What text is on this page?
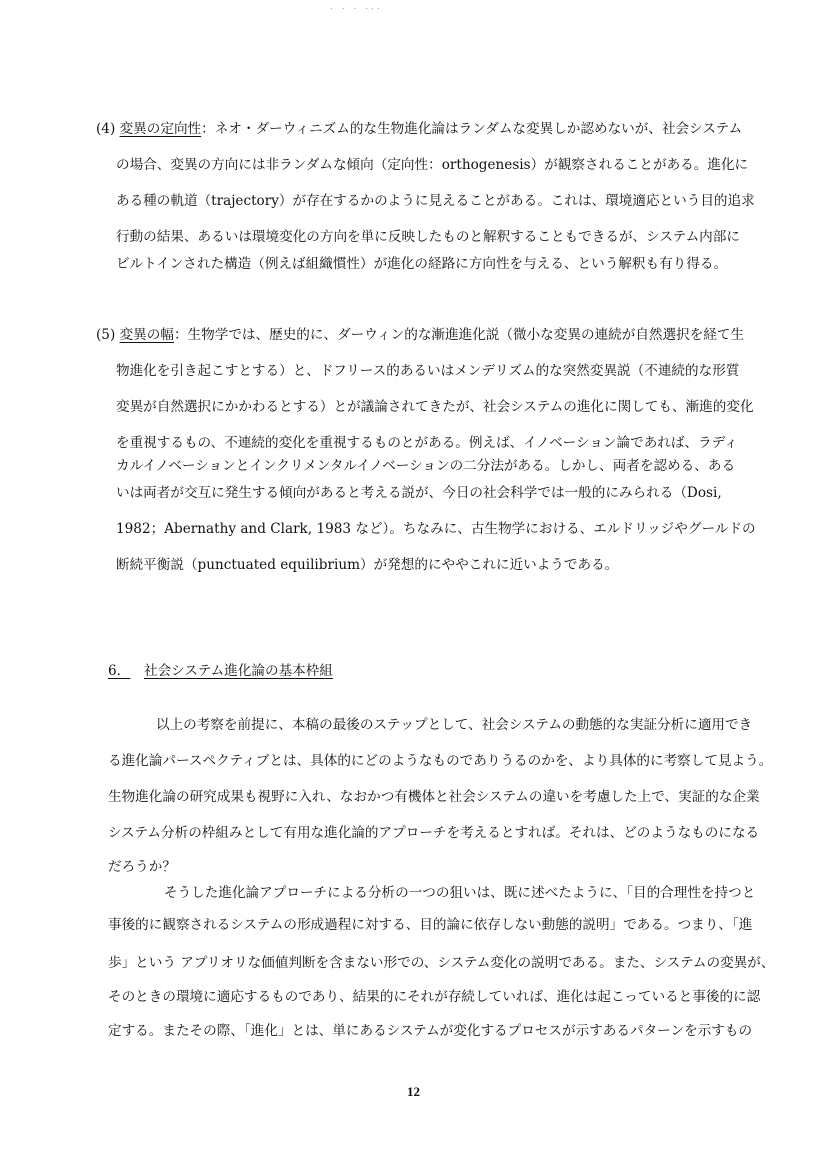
. . . ...
(4) 変異の定向性：ネオ・ダーウィニズム的な生物進化論はランダムな変異しか認めないが、社会システム
の場合、変異の方向には非ランダムな傾向（定向性：orthogenesis）が観察されることがある。進化に
ある種の軌道（trajectory）が存在するかのように見えることがある。これは、環境適応という目的追求
行動の結果、あるいは環境変化の方向を単に反映したものと解釈することもできるが、システム内部に
ビルトインされた構造（例えば組織慣性）が進化の経路に方向性を与える、という解釈も有り得る。
(5) 変異の幅：生物学では、歴史的に、ダーウィン的な漸進進化説（微小な変異の連続が自然選択を経て生
物進化を引き起こすとする）と、ドフリース的あるいはメンデリズム的な突然変異説（不連続的な形質
変異が自然選択にかかわるとする）とが議論されてきたが、社会システムの進化に関しても、漸進的変化
を重視するもの、不連続的変化を重視するものとがある。例えば、イノベーション論であれば、ラディ
カルイノベーションとインクリメンタルイノベーションの二分法がある。しかし、両者を認める、ある
いは両者が交互に発生する傾向があると考える説が、今日の社会科学では一般的にみられる（Dosi,
1982；Abernathy and Clark, 1983 など）。ちなみに、古生物学における、エルドリッジやグールドの
断続平衡説（punctuated equilibrium）が発想的にややこれに近いようである。
6． 社会システム進化論の基本枠組
以上の考察を前提に、本稿の最後のステップとして、社会システムの動態的な実証分析に適用でき
る進化論パースペクティブとは、具体的にどのようなものでありうるのかを、より具体的に考察して見よう。
生物進化論の研究成果も視野に入れ、なおかつ有機体と社会システムの違いを考慮した上で、実証的な企業
システム分析の枠組みとして有用な進化論的アプローチを考えるとすれば。それは、どのようなものになる
だろうか？
そうした進化論アプローチによる分析の一つの狙いは、既に述べたように、「目的合理性を持つと
事後的に観察されるシステムの形成過程に対する、目的論に依存しない動態的説明」である。つまり、「進
歩」という アプリオリな価値判断を含まない形での、システム変化の説明である。また、システムの変異が、
そのときの環境に適応するものであり、結果的にそれが存続していれば、進化は起こっていると事後的に認
定する。またその際、「進化」とは、単にあるシステムが変化するプロセスが示すあるパターンを示すもの
12
